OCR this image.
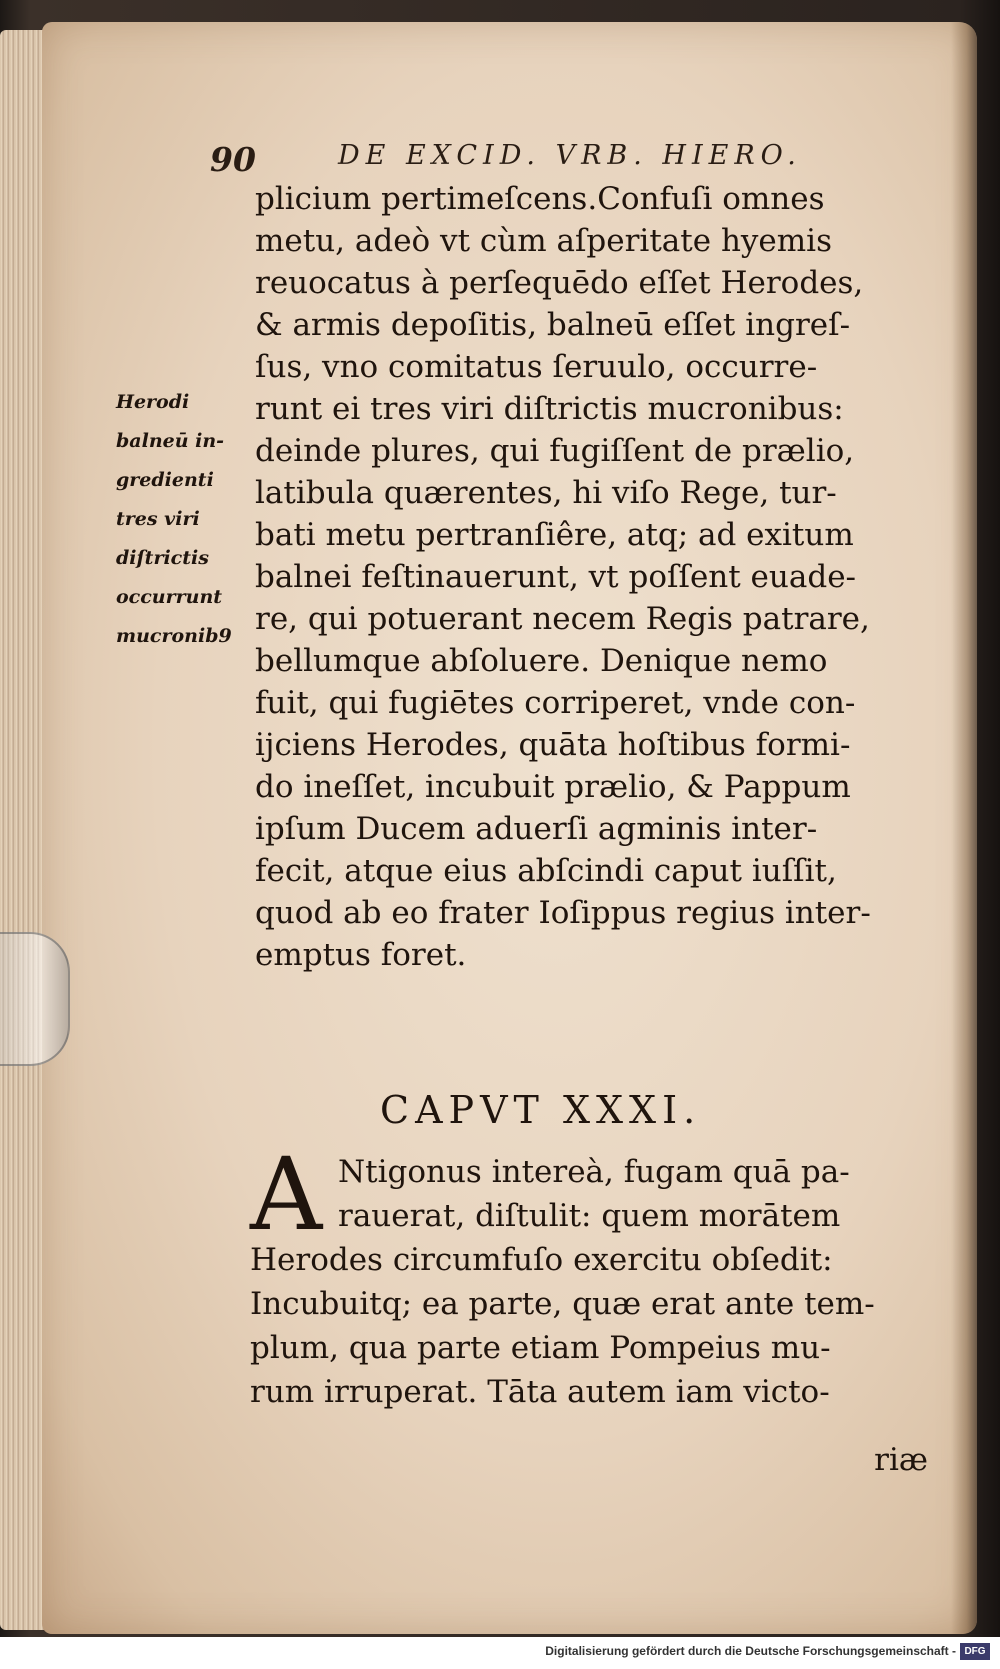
90	DE EXCID. VRB. HIERO.
plicium pertimeſcens.Confuſi omnes
metu, adeò vt cùm aſperitate hyemis
reuocatus à perſequēdo eſſet Herodes,
& armis depoſitis, balneū eſſet ingreſ-
ſus, vno comitatus ſeruulo, occurre-
runt ei tres viri diſtrictis mucronibus:
deinde plures, qui fugiſſent de prælio,
latibula quærentes, hi viſo Rege, tur-
bati metu pertranſiêre, atq; ad exitum
balnei feſtinauerunt, vt poſſent euade-
re, qui potuerant necem Regis patrare,
bellumque abſoluere. Denique nemo
fuit, qui fugiētes corriperet, vnde con-
ijciens Herodes, quāta hoſtibus formi-
do ineſſet, incubuit prælio, & Pappum
ipſum Ducem aduerſi agminis inter-
fecit, atque eius abſcindi caput iuſſit,
quod ab eo frater Ioſippus regius inter-
emptus foret.
Herodi
balneū in-
gredienti
tres viri
diſtrictis
occurrunt
mucronib9
CAPVT XXXI.
A Ntigonus intereà, fugam quā pa-
rauerat, diſtulit: quem morātem
Herodes circumfuſo exercitu obſedit:
Incubuitq; ea parte, quæ erat ante tem-
plum, qua parte etiam Pompeius mu-
rum irruperat. Tāta autem iam victo-
riæ
Digitalisierung gefördert durch die Deutsche Forschungsgemeinschaft - DFG
